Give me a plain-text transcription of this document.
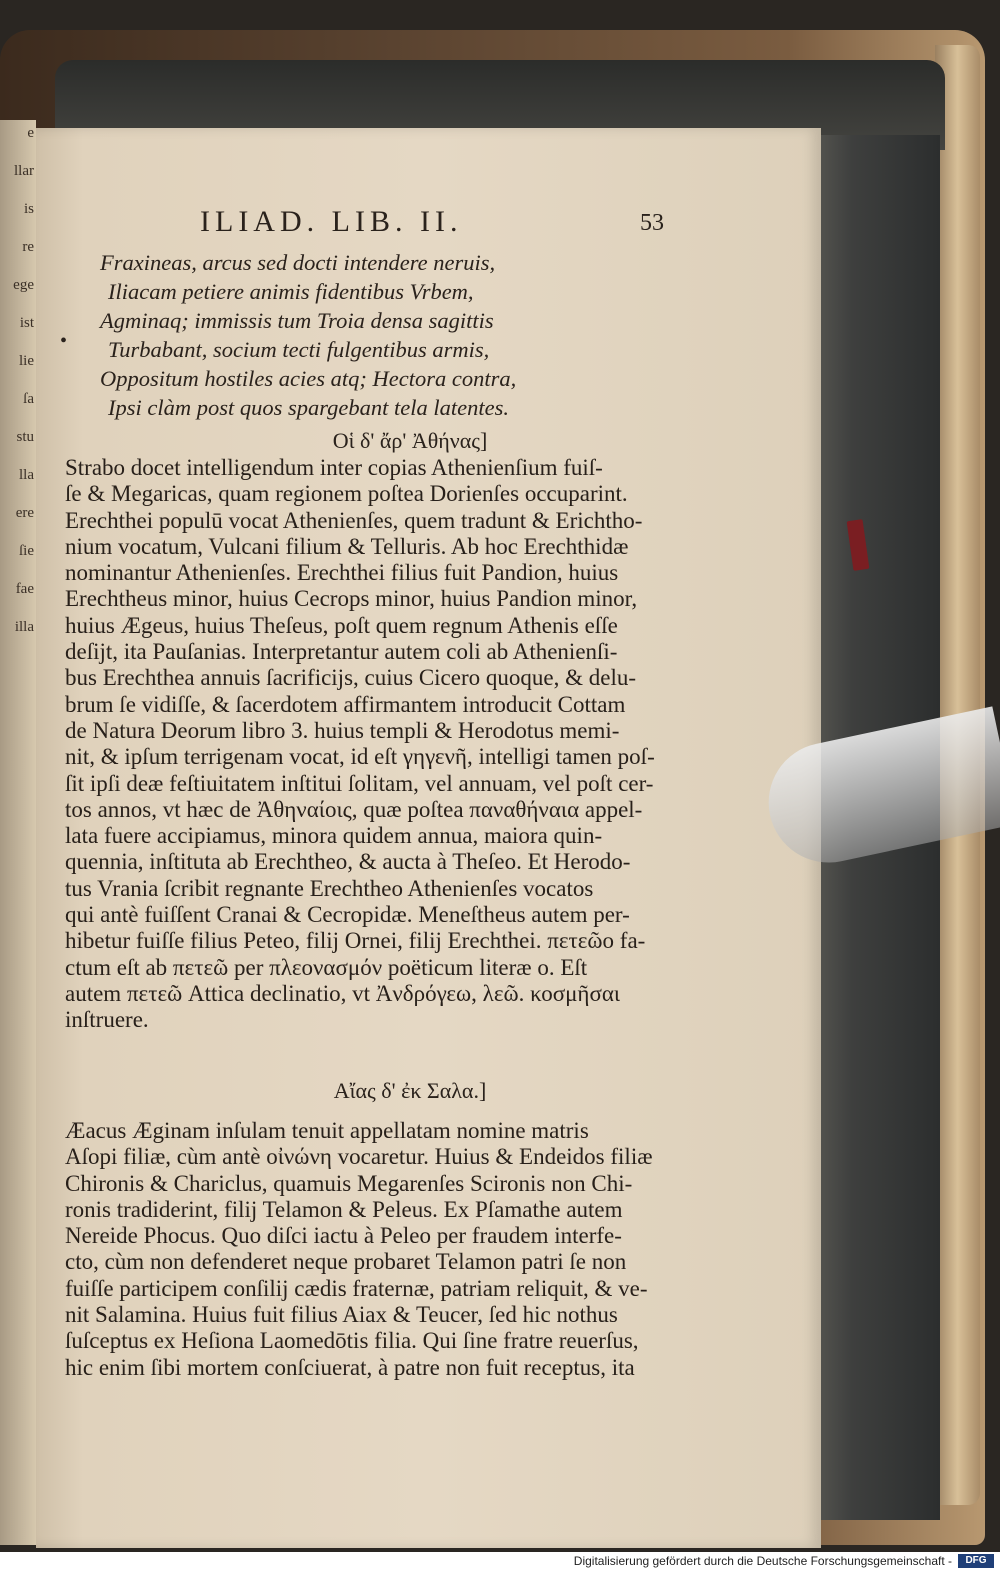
e
llar
is
re
ege
ist
lie
ſa
stu
lla
ere
ſie
fae
illa
ILIAD. LIB. II.	53
•
Fraxineas, arcus sed docti intendere neruis,
Iliacam petiere animis fidentibus Vrbem,
Agminaq; immissis tum Troia densa sagittis
Turbabant, socium tecti fulgentibus armis,
Oppositum hostiles acies atq; Hectora contra,
Ipsi clàm post quos spargebant tela latentes.
Οἱ δ' ἄρ' Ἀθήνας]
Strabo docet intelligendum inter copias Athenienſium fuiſ-
ſe & Megaricas, quam regionem poſtea Dorienſes occuparint.
Erechthei populū vocat Athenienſes, quem tradunt & Erichtho-
nium vocatum, Vulcani filium & Telluris. Ab hoc Erechthidæ
nominantur Athenienſes. Erechthei filius fuit Pandion, huius
Erechtheus minor, huius Cecrops minor, huius Pandion minor,
huius Ægeus, huius Theſeus, poſt quem regnum Athenis eſſe
deſijt, ita Pauſanias. Interpretantur autem coli ab Athenienſi-
bus Erechthea annuis ſacrificijs, cuius Cicero quoque, & delu-
brum ſe vidiſſe, & ſacerdotem affirmantem introducit Cottam
de Natura Deorum libro 3. huius templi & Herodotus memi-
nit, & ipſum terrigenam vocat, id eſt γηγενῆ, intelligi tamen poſ-
ſit ipſi deæ feſtiuitatem inſtitui ſolitam, vel annuam, vel poſt cer-
tos annos, vt hæc de Ἀθηναίοις, quæ poſtea παναθήναια appel-
lata fuere accipiamus, minora quidem annua, maiora quin-
quennia, inſtituta ab Erechtheo, & aucta à Theſeo. Et Herodo-
tus Vrania ſcribit regnante Erechtheo Athenienſes vocatos
qui antè fuiſſent Cranai & Cecropidæ. Meneſtheus autem per-
hibetur fuiſſe filius Peteo, filij Ornei, filij Erechthei. πετεῶο fa-
ctum eſt ab πετεῶ per πλεονασμόν poëticum literæ ο. Eſt
autem πετεῶ Attica declinatio, vt Ἀνδρόγεω, λεῶ. κοσμῆσαι
inſtruere.
Αἴας δ' ἐκ Σαλα.]
Æacus Æginam inſulam tenuit appellatam nomine matris
Aſopi filiæ, cùm antè οἰνώνη vocaretur. Huius & Endeidos filiæ
Chironis & Chariclus, quamuis Megarenſes Scironis non Chi-
ronis tradiderint, filij Telamon & Peleus. Ex Pſamathe autem
Nereide Phocus. Quo diſci iactu à Peleo per fraudem interfe-
cto, cùm non defenderet neque probaret Telamon patri ſe non
fuiſſe participem conſilij cædis fraternæ, patriam reliquit, & ve-
nit Salamina. Huius fuit filius Aiax & Teucer, ſed hic nothus
ſuſceptus ex Heſiona Laomedōtis filia. Qui ſine fratre reuerſus,
hic enim ſibi mortem conſciuerat, à patre non fuit receptus, ita
Digitalisierung gefördert durch die Deutsche Forschungsgemeinschaft -	DFG
